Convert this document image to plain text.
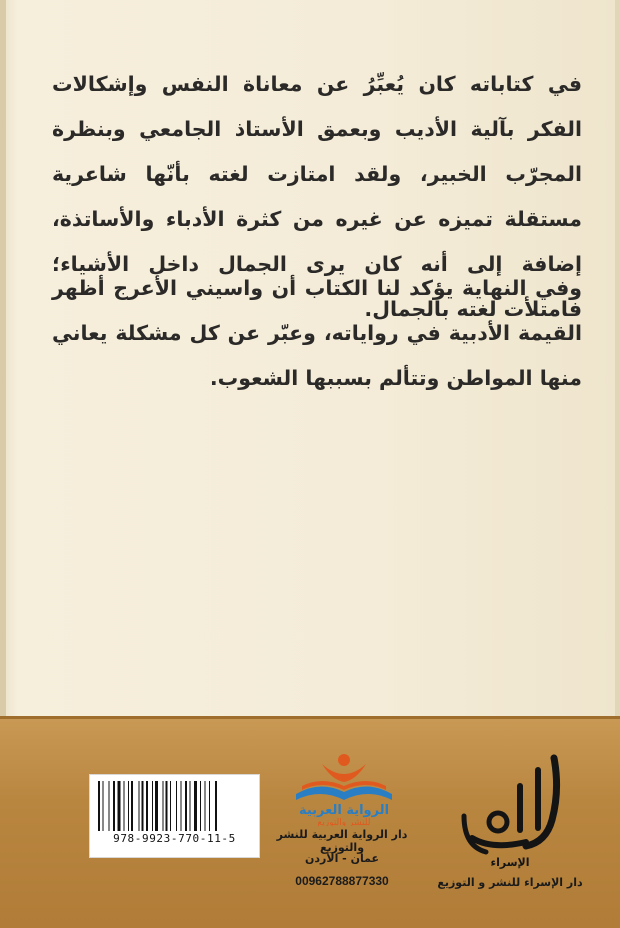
في كتاباته كان يُعبِّرُ عن معاناة النفس وإشكالات الفكر بآلية الأديب وبعمق الأستاذ الجامعي وبنظرة المجرّب الخبير، ولقد امتازت لغته بأنّها شاعرية مستقلة تميزه عن غيره من كثرة الأدباء والأساتذة، إضافة إلى أنه كان يرى الجمال داخل الأشياء؛ فامتلأت لغته بالجمال.

وفي النهاية يؤكد لنا الكتاب أن واسيني الأعرج أظهر القيمة الأدبية في رواياته، وعبّر عن كل مشكلة يعاني منها المواطن وتتألم بسببها الشعوب.

978-9923-770-11-5
الرواية العربية
للنشر والتوزيع
دار الرواية العربية للنشر والتوزيع
عمان - الأردن
00962788877330
الإسراء
دار الإسراء للنشر و التوزيع
